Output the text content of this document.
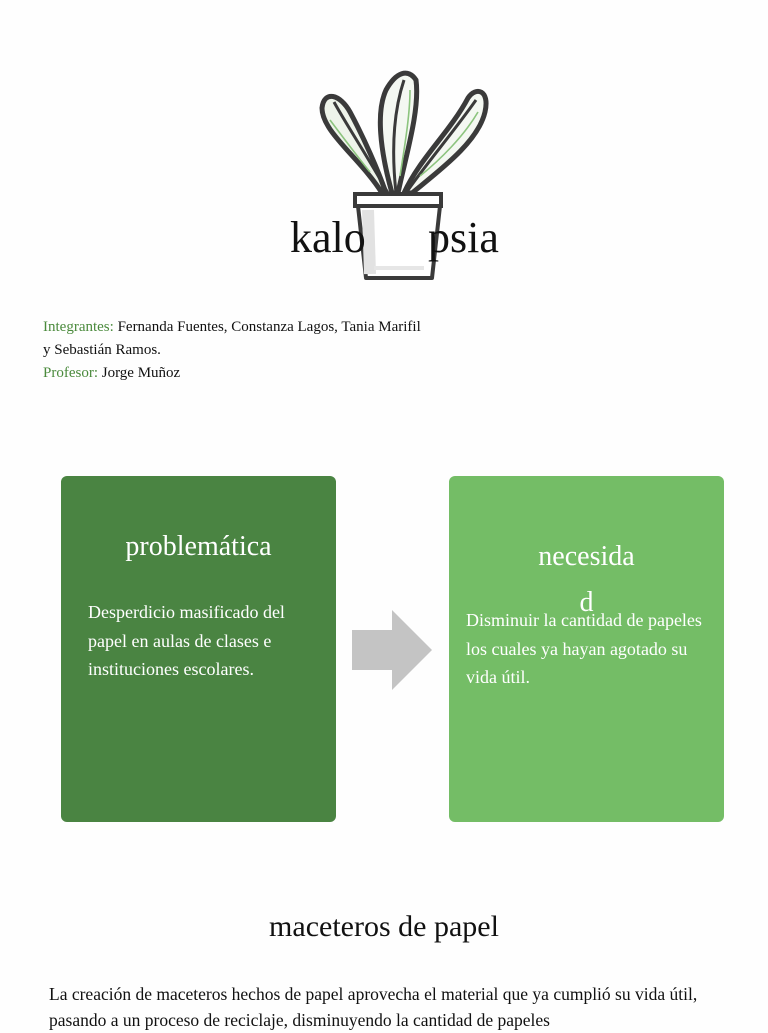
kalo psia
Integrantes: Fernanda Fuentes, Constanza Lagos, Tania Marifil
y Sebastián Ramos.
Profesor: Jorge Muñoz
problemática
Desperdicio masificado del papel en aulas de clases e instituciones escolares.
necesida
d
Disminuir la cantidad de papeles los cuales ya hayan agotado su vida útil.
maceteros de papel
La creación de maceteros hechos de papel aprovecha el material que ya cumplió su vida útil, pasando a un proceso de reciclaje, disminuyendo la cantidad de papeles
